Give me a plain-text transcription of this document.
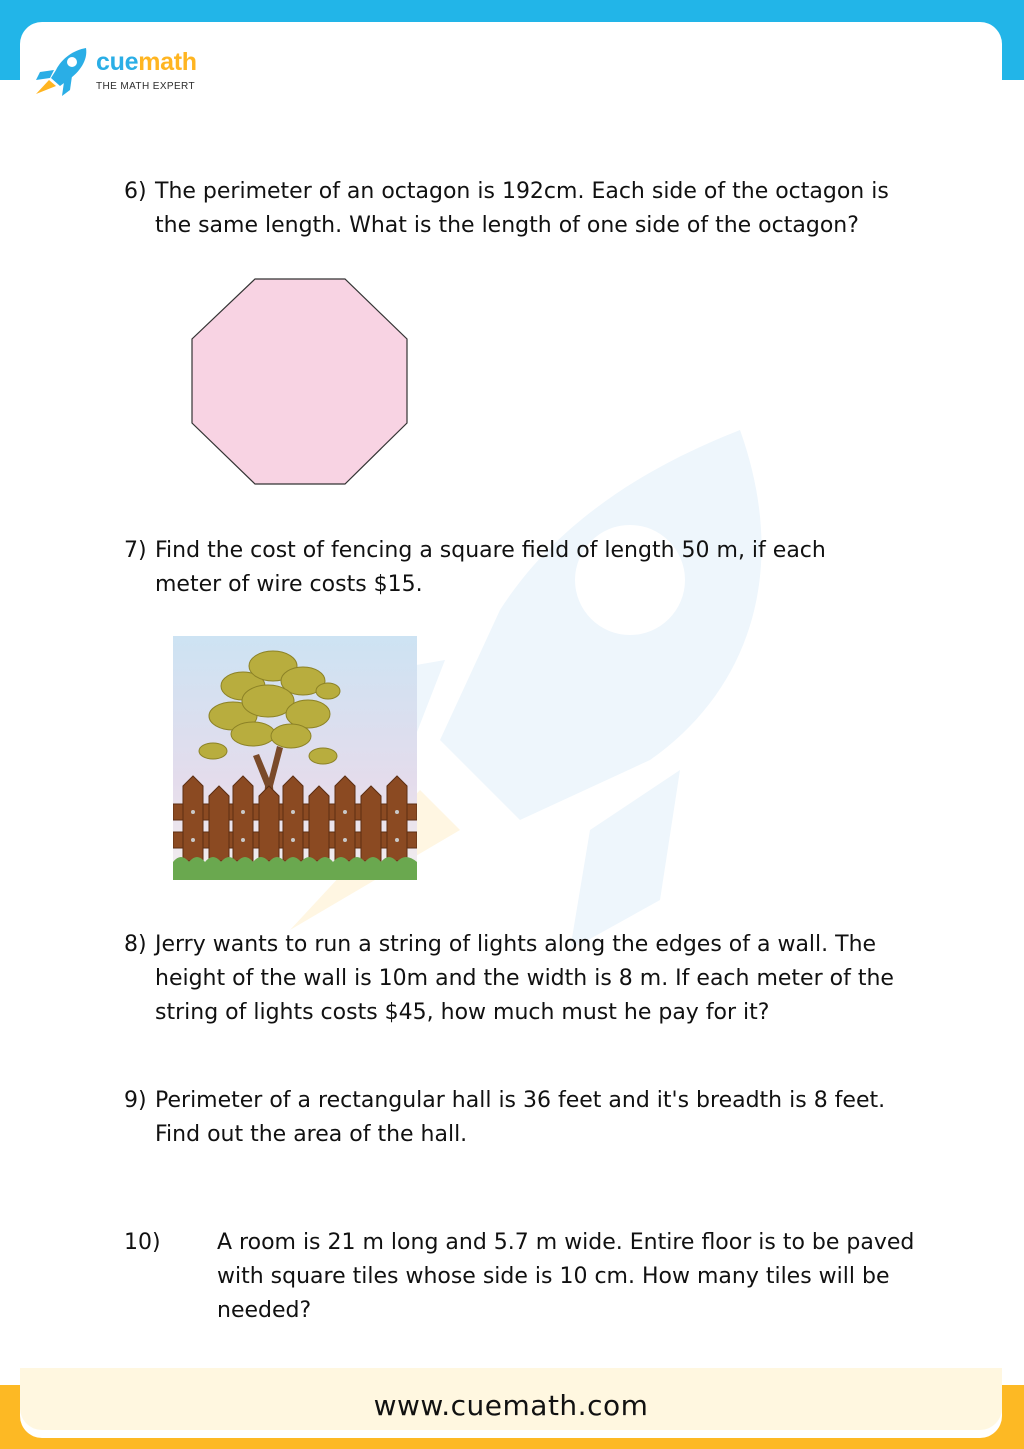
cuemath
THE MATH EXPERT
6) The perimeter of an octagon is 192cm. Each side of the octagon is
the same length. What is the length of one side of the octagon?
7) Find the cost of fencing a square field of length 50 m, if each
meter of wire costs $15.
8) Jerry wants to run a string of lights along the edges of a wall. The
height of the wall is 10m and the width is 8 m. If each meter of the
string of lights costs $45, how much must he pay for it?
9) Perimeter of a rectangular hall is 36 feet and it's breadth is 8 feet.
Find out the area of the hall.
10)	A room is 21 m long and 5.7 m wide. Entire floor is to be paved
with square tiles whose side is 10 cm. How many tiles will be
needed?
www.cuemath.com
